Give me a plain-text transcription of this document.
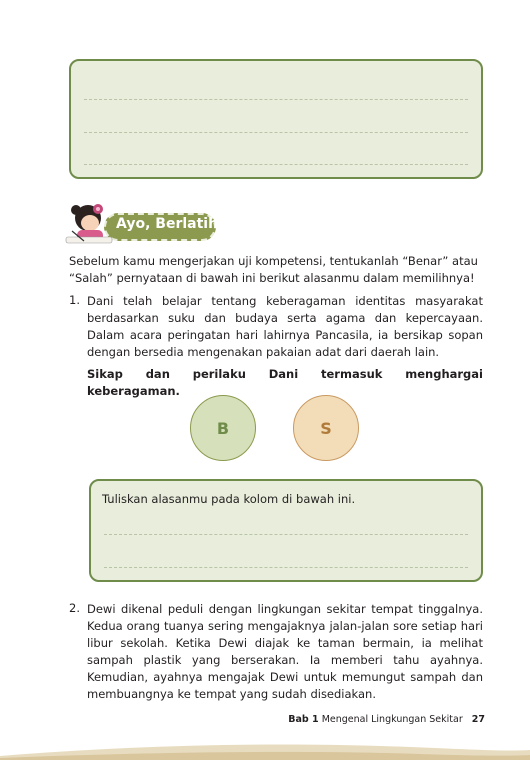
Ayo, Berlatih
Sebelum kamu mengerjakan uji kompetensi, tentukanlah “Benar” atau “Salah” pernyataan di bawah ini berikut alasanmu dalam memilihnya!
1. Dani telah belajar tentang keberagaman identitas masyarakat berdasarkan suku dan budaya serta agama dan kepercayaan. Dalam acara peringatan hari lahirnya Pancasila, ia bersikap sopan dengan bersedia mengenakan pakaian adat dari daerah lain.
Sikap dan perilaku Dani termasuk menghargai keberagaman.
B	S
Tuliskan alasanmu pada kolom di bawah ini.
2. Dewi dikenal peduli dengan lingkungan sekitar tempat tinggalnya. Kedua orang tuanya sering mengajaknya jalan-jalan sore setiap hari libur sekolah. Ketika Dewi diajak ke taman bermain, ia melihat sampah plastik yang berserakan. Ia memberi tahu ayahnya. Kemudian, ayahnya mengajak Dewi untuk memungut sampah dan membuangnya ke tempat yang sudah disediakan.
Bab 1 Mengenal Lingkungan Sekitar 27
